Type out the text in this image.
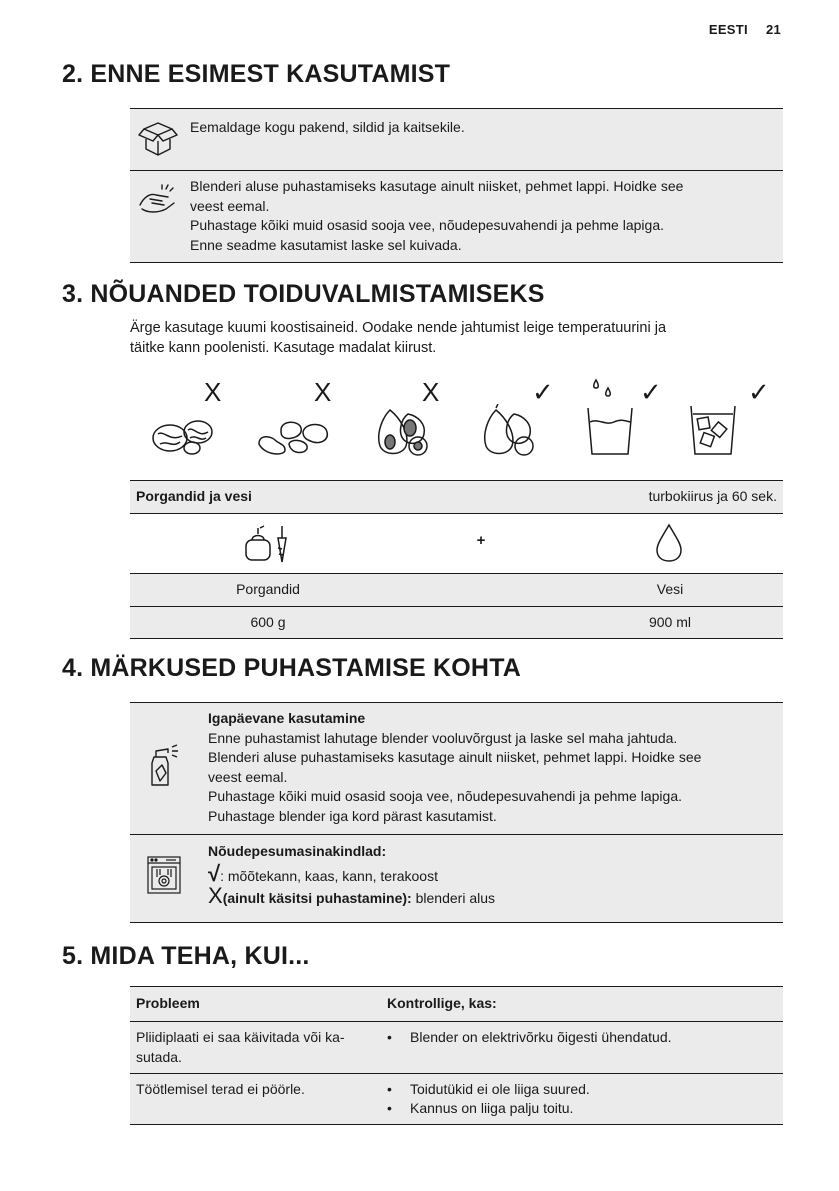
EESTI 21
2. ENNE ESIMEST KASUTAMIST
Eemaldage kogu pakend, sildid ja kaitsekile.
Blenderi aluse puhastamiseks kasutage ainult niisket, pehmet lappi. Hoidke see
veest eemal.
Puhastage kõiki muid osasid sooja vee, nõudepesuvahendi ja pehme lapiga.
Enne seadme kasutamist laske sel kuivada.
3. NÕUANDED TOIDUVALMISTAMISEKS
Ärge kasutage kuumi koostisaineid. Oodake nende jahtumist leige temperatuurini ja
täitke kann poolenisti. Kasutage madalat kiirust.
X	X	X	✓	✓	✓
Porgandid ja vesi	turbokiirus ja 60 sek.
+
Porgandid	Vesi
600 g	900 ml
4. MÄRKUSED PUHASTAMISE KOHTA
Igapäevane kasutamine
Enne puhastamist lahutage blender vooluvõrgust ja laske sel maha jahtuda.
Blenderi aluse puhastamiseks kasutage ainult niisket, pehmet lappi. Hoidke see
veest eemal.
Puhastage kõiki muid osasid sooja vee, nõudepesuvahendi ja pehme lapiga.
Puhastage blender iga kord pärast kasutamist.
Nõudepesumasinakindlad:
√: mõõtekann, kaas, kann, terakoost
X(ainult käsitsi puhastamine): blenderi alus
5. MIDA TEHA, KUI...
Probleem	Kontrollige, kas:
Pliidiplaati ei saa käivitada või ka-
sutada.
• Blender on elektrivõrku õigesti ühendatud.
Töötlemisel terad ei pöörle.
•	Toidutükid ei ole liiga suured.
• Kannus on liiga palju toitu.
